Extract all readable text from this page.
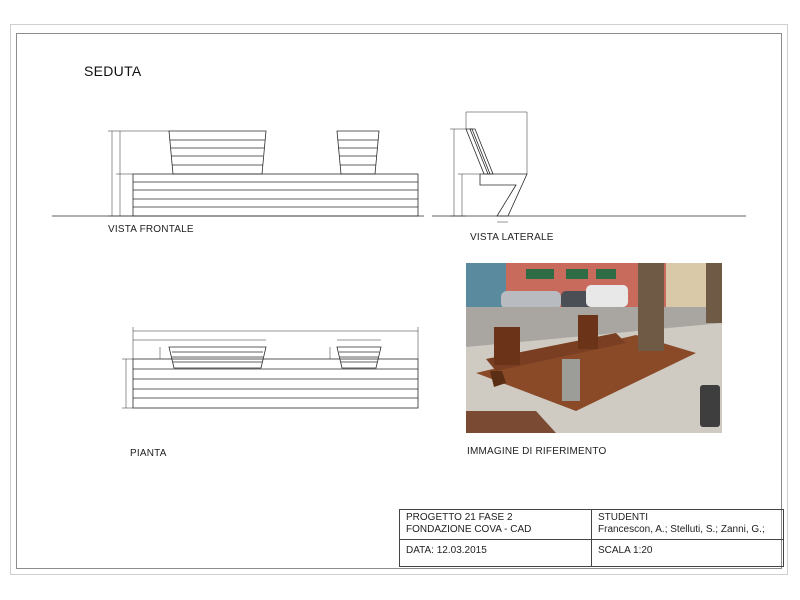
SEDUTA
VISTA FRONTALE
VISTA LATERALE
PIANTA	IMMAGINE DI RIFERIMENTO
PROGETTO 21 FASE 2
FONDAZIONE COVA - CAD
STUDENTI
Francescon, A.; Stelluti, S.; Zanni, G.;
DATA: 12.03.2015	SCALA 1:20
